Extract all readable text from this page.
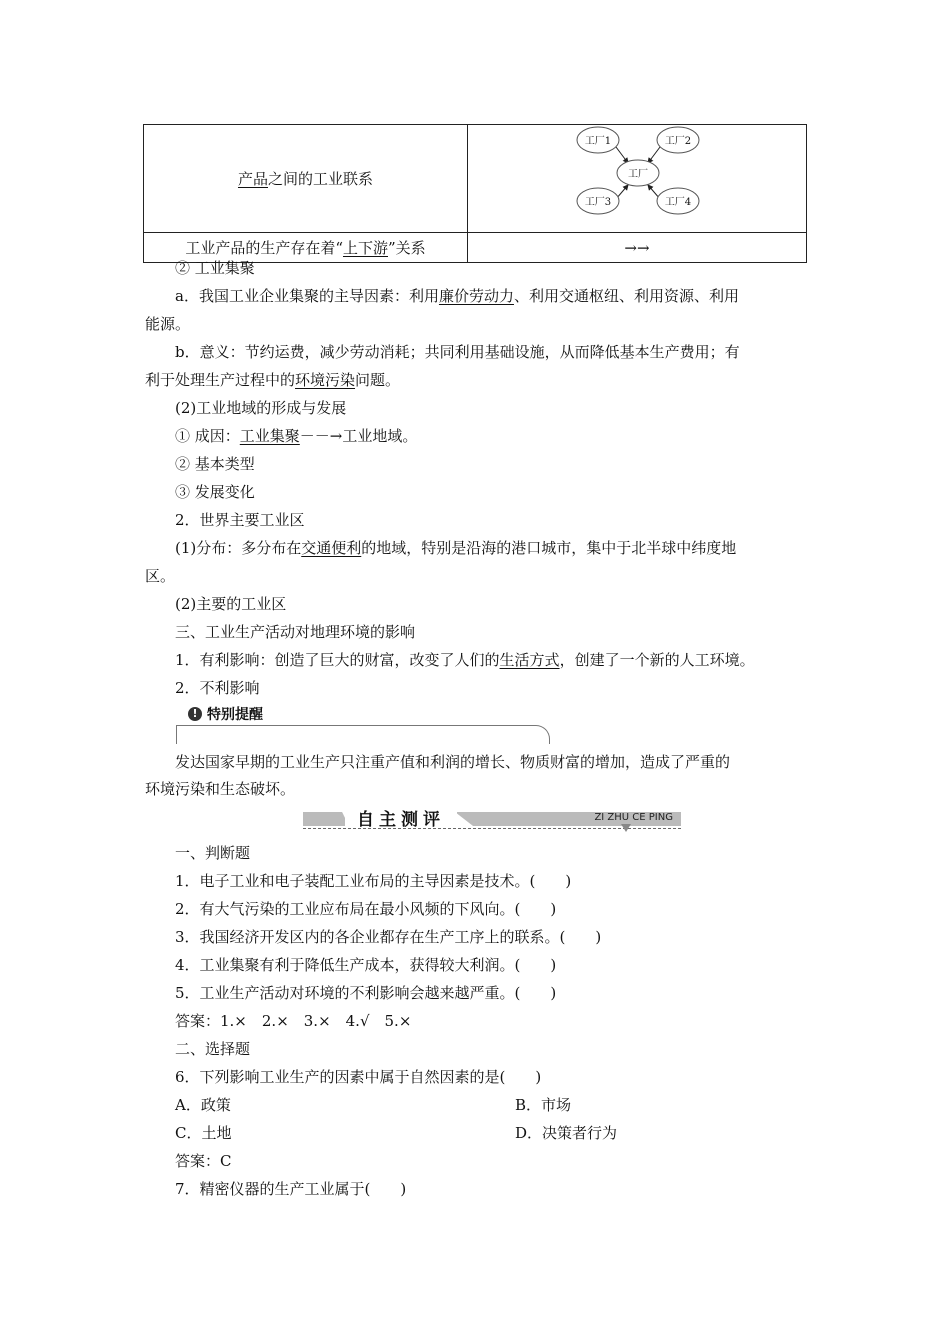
产品之间的工业联系	工厂1 工厂2
工厂
工厂3 工厂4

工业产品的生产存在着“上下游”关系	→→
② 工业集聚
a．我国工业企业集聚的主导因素：利用廉价劳动力、利用交通枢纽、利用资源、利用
能源。
b．意义：节约运费，减少劳动消耗；共同利用基础设施，从而降低基本生产费用；有
利于处理生产过程中的环境污染问题。
(2)工业地域的形成与发展
① 成因：工业集聚－－→工业地域。
② 基本类型
③ 发展变化
2．世界主要工业区
(1)分布：多分布在交通便利的地域，特别是沿海的港口城市，集中于北半球中纬度地
区。
(2)主要的工业区
三、工业生产活动对地理环境的影响
1．有利影响：创造了巨大的财富，改变了人们的生活方式，创建了一个新的人工环境。
2．不利影响
! 特别提醒
发达国家早期的工业生产只注重产值和利润的增长、物质财富的增加，造成了严重的
环境污染和生态破坏。
自主测评	ZI ZHU CE PING
一、判断题
1．电子工业和电子装配工业布局的主导因素是技术。(　　)
2．有大气污染的工业应布局在最小风频的下风向。(　　)
3．我国经济开发区内的各企业都存在生产工序上的联系。(　　)
4．工业集聚有利于降低生产成本，获得较大利润。(　　)
5．工业生产活动对环境的不利影响会越来越严重。(　　)
答案：1.×　2.×　3.×　4.√　5.×
二、选择题
6．下列影响工业生产的因素中属于自然因素的是(　　)
A．政策	B．市场
C．土地	D．决策者行为
答案：C
7．精密仪器的生产工业属于(　　)
